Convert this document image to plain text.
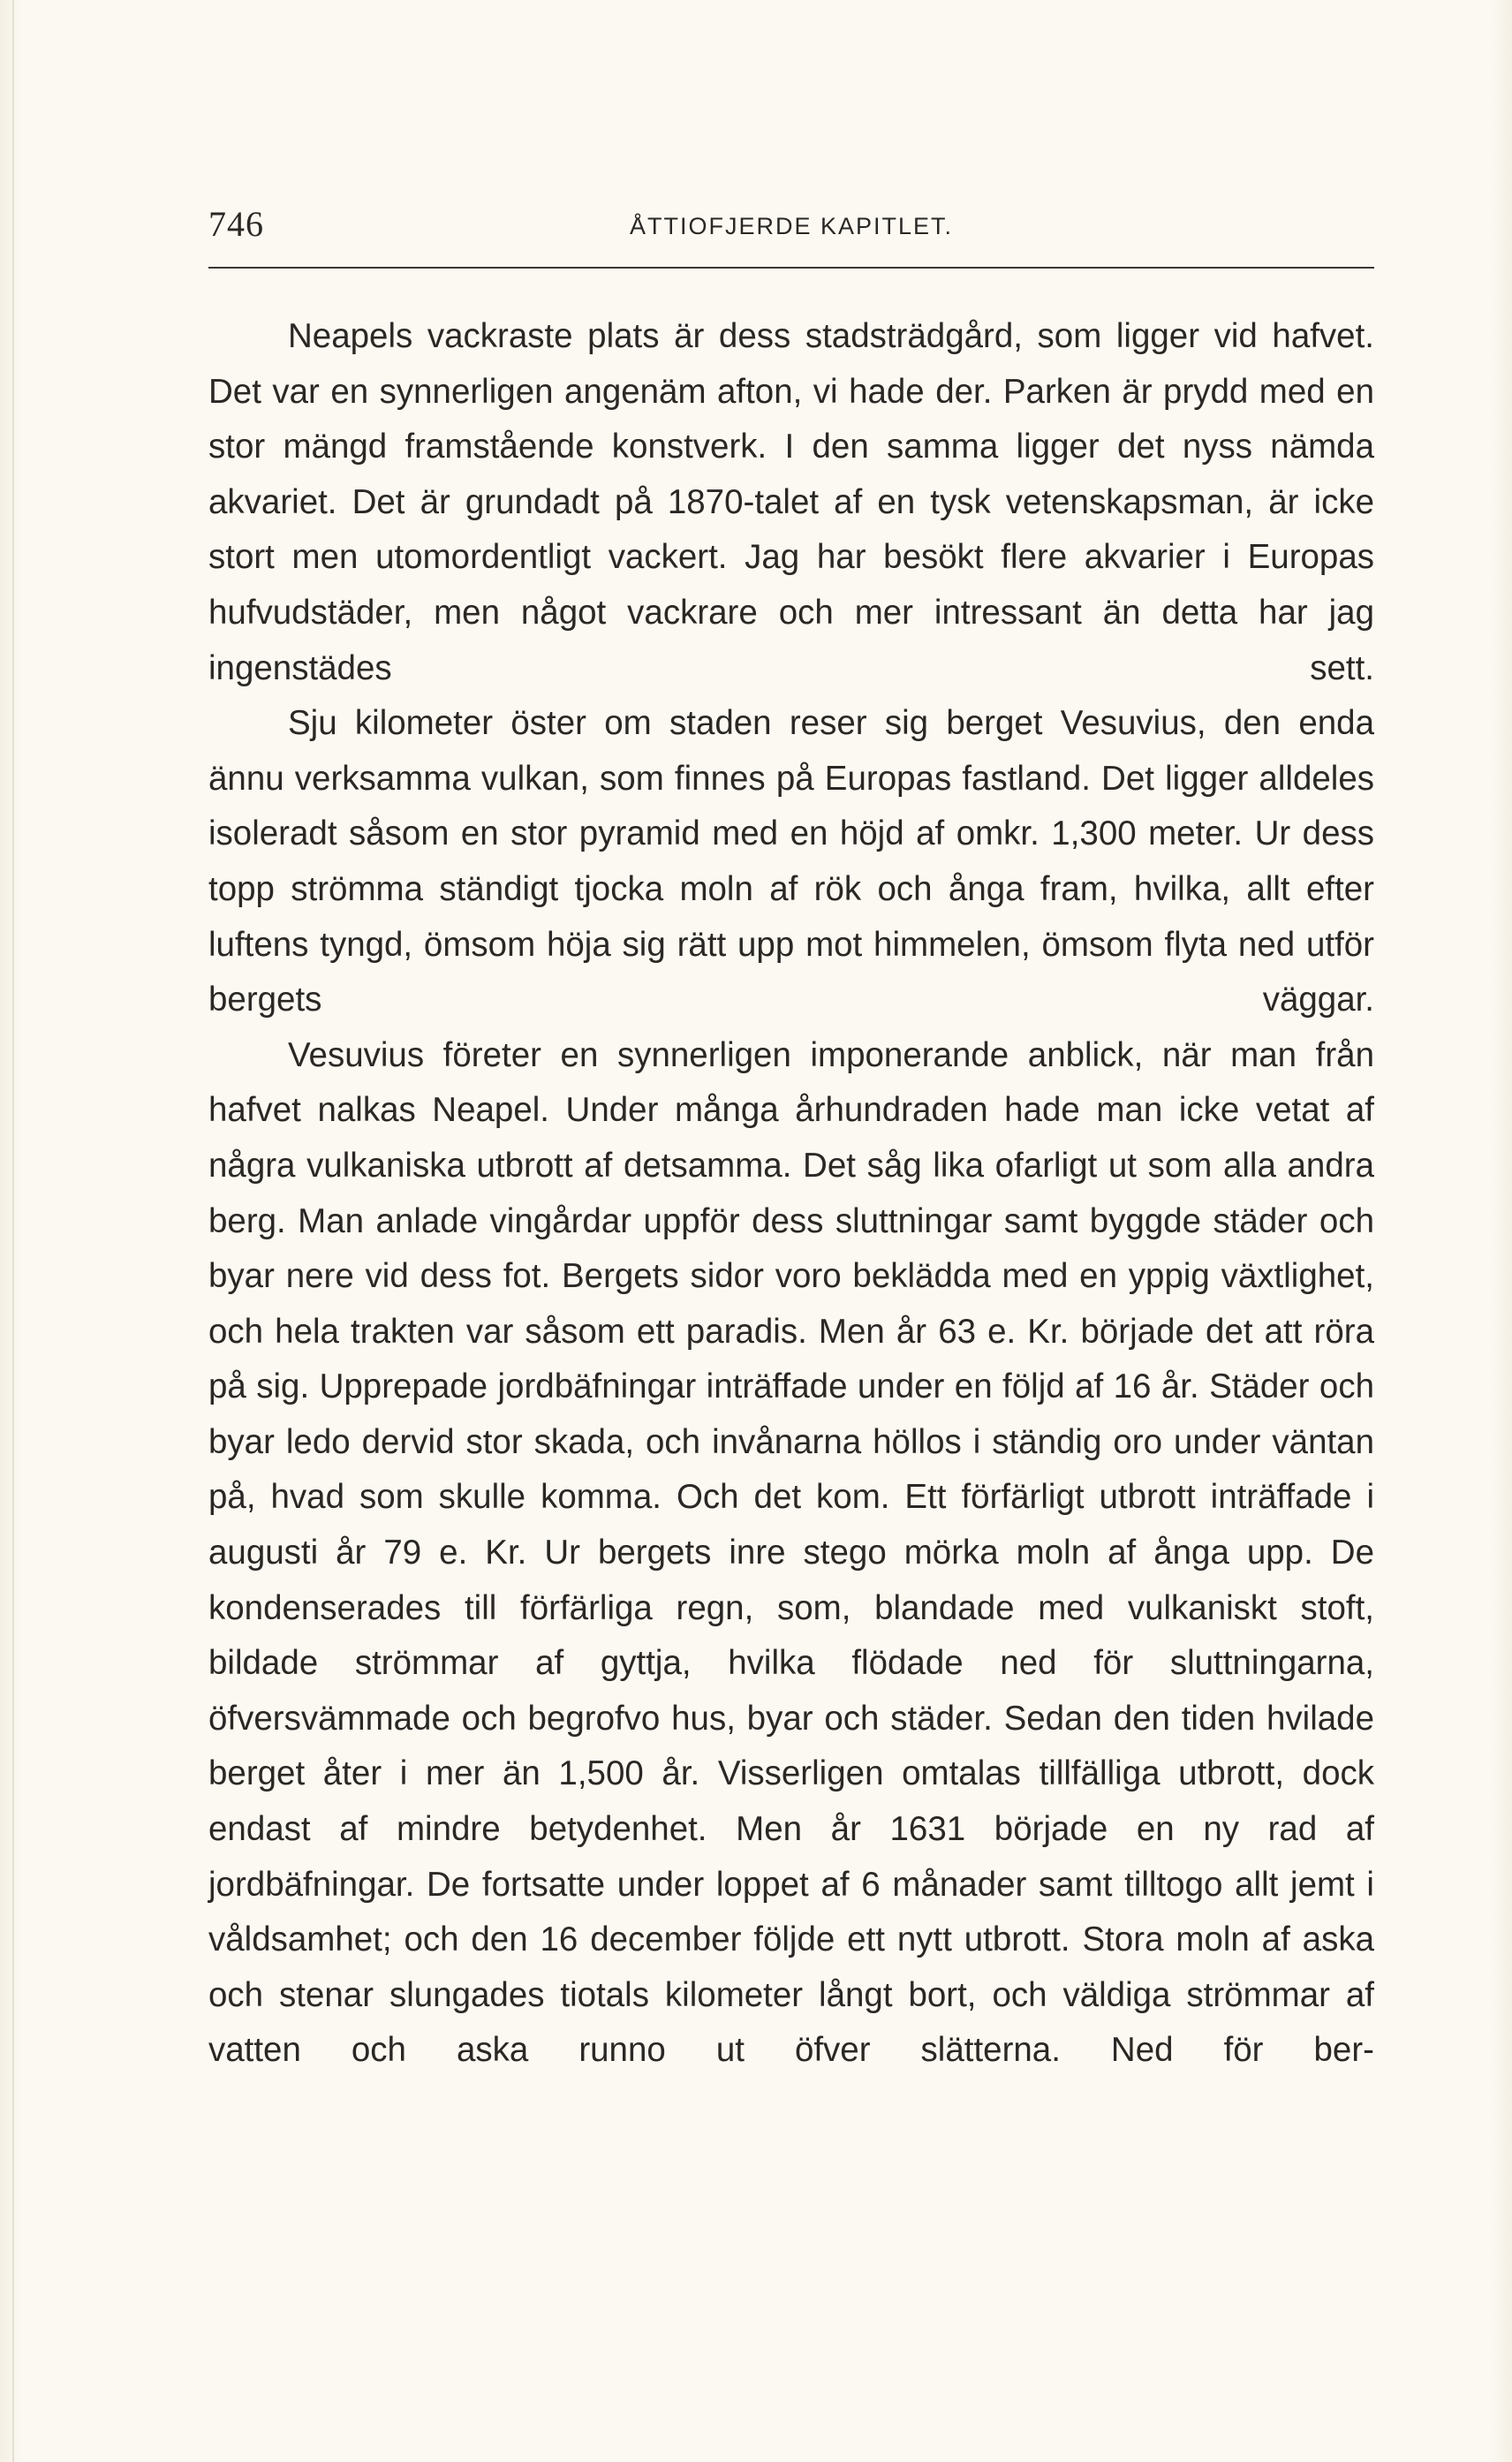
746	ÅTTIOFJERDE KAPITLET.

Neapels vackraste plats är dess stadsträdgård, som ligger vid hafvet. Det var en synnerligen angenäm afton, vi hade der. Parken är prydd med en stor mängd framstående konstverk. I den samma ligger det nyss nämda akvariet. Det är grundadt på 1870-talet af en tysk vetenskapsman, är icke stort men utomordentligt vackert. Jag har besökt flere akvarier i Europas hufvudstäder, men något vackrare och mer intressant än detta har jag ingenstädes sett.

Sju kilometer öster om staden reser sig berget Vesuvius, den enda ännu verksamma vulkan, som finnes på Europas fastland. Det ligger alldeles isoleradt såsom en stor pyramid med en höjd af omkr. 1,300 meter. Ur dess topp strömma ständigt tjocka moln af rök och ånga fram, hvilka, allt efter luftens tyngd, ömsom höja sig rätt upp mot himmelen, ömsom flyta ned utför bergets väggar.

Vesuvius företer en synnerligen imponerande anblick, när man från hafvet nalkas Neapel. Under många århundraden hade man icke vetat af några vulkaniska utbrott af detsamma. Det såg lika ofarligt ut som alla andra berg. Man anlade vingårdar uppför dess sluttningar samt byggde städer och byar nere vid dess fot. Bergets sidor voro beklädda med en yppig växtlighet, och hela trakten var såsom ett paradis. Men år 63 e. Kr. började det att röra på sig. Upprepade jordbäfningar inträffade under en följd af 16 år. Städer och byar ledo dervid stor skada, och invånarna höllos i ständig oro under väntan på, hvad som skulle komma. Och det kom. Ett förfärligt utbrott inträffade i augusti år 79 e. Kr. Ur bergets inre stego mörka moln af ånga upp. De kondenserades till förfärliga regn, som, blandade med vulkaniskt stoft, bildade strömmar af gyttja, hvilka flödade ned för sluttningarna, öfversvämmade och begrofvo hus, byar och städer. Sedan den tiden hvilade berget åter i mer än 1,500 år. Visserligen omtalas tillfälliga utbrott, dock endast af mindre betydenhet. Men år 1631 började en ny rad af jordbäfningar. De fortsatte under loppet af 6 månader samt tilltogo allt jemt i våldsamhet; och den 16 december följde ett nytt utbrott. Stora moln af aska och stenar slungades tiotals kilometer långt bort, och väldiga strömmar af vatten och aska runno ut öfver slätterna. Ned för ber-
